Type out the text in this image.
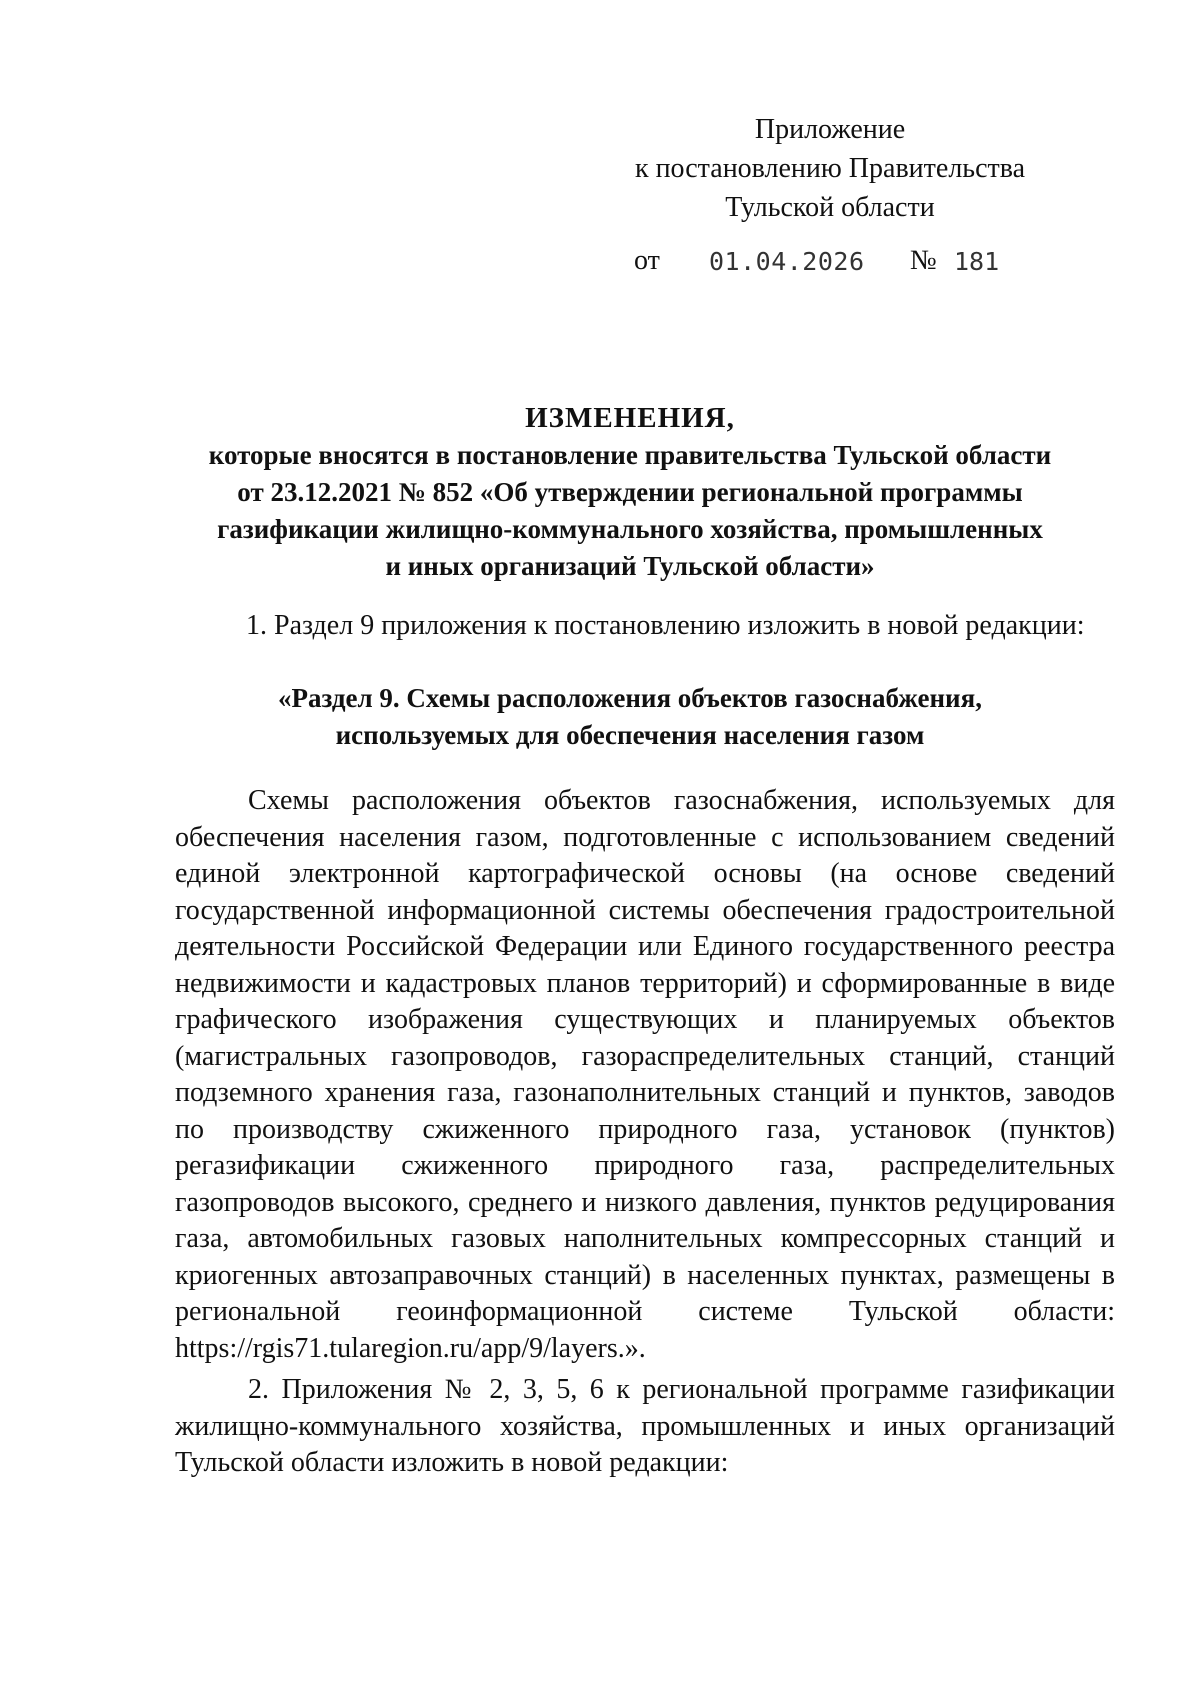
Приложение
к постановлению Правительства
Тульской области
от 01.04.2026 № 181
ИЗМЕНЕНИЯ,
которые вносятся в постановление правительства Тульской области
от 23.12.2021 № 852 «Об утверждении региональной программы
газификации жилищно-коммунального хозяйства, промышленных
и иных организаций Тульской области»
1. Раздел 9 приложения к постановлению изложить в новой редакции:
«Раздел 9. Схемы расположения объектов газоснабжения,
используемых для обеспечения населения газом
Схемы расположения объектов газоснабжения, используемых для обеспечения населения газом, подготовленные с использованием сведений единой электронной картографической основы (на основе сведений государственной информационной системы обеспечения градостроительной деятельности Российской Федерации или Единого государственного реестра недвижимости и кадастровых планов территорий) и сформированные в виде графического изображения существующих и планируемых объектов (магистральных газопроводов, газораспределительных станций, станций подземного хранения газа, газонаполнительных станций и пунктов, заводов по производству сжиженного природного газа, установок (пунктов) регазификации сжиженного природного газа, распределительных газопроводов высокого, среднего и низкого давления, пунктов редуцирования газа, автомобильных газовых наполнительных компрессорных станций и криогенных автозаправочных станций) в населенных пунктах, размещены в региональной геоинформационной системе Тульской области: https://rgis71.tularegion.ru/app/9/layers.».
2. Приложения № 2, 3, 5, 6 к региональной программе газификации жилищно-коммунального хозяйства, промышленных и иных организаций Тульской области изложить в новой редакции:
